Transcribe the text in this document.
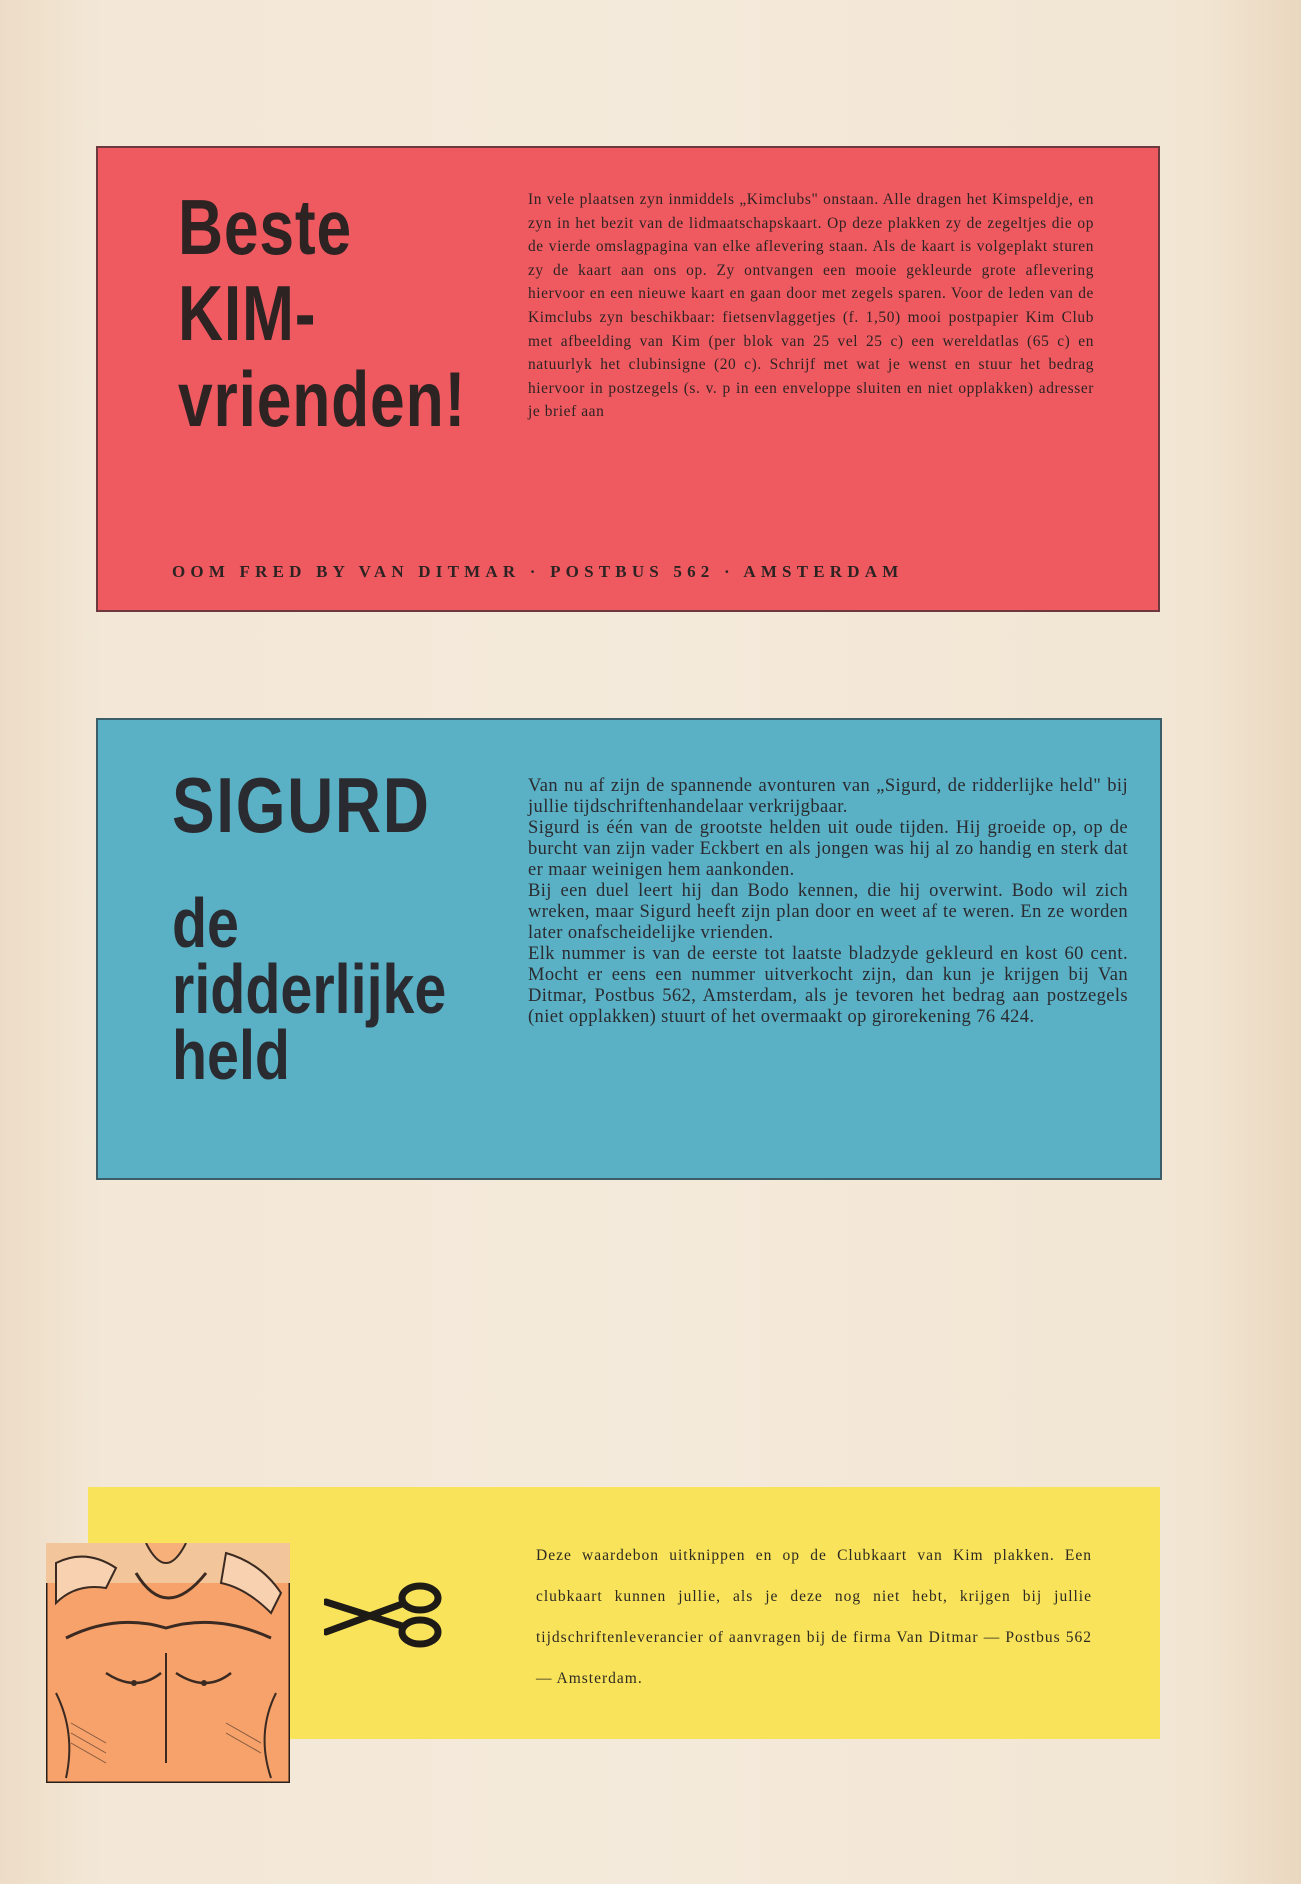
Beste
KIM-
vrienden!
In vele plaatsen zyn inmiddels „Kimclubs" onstaan. Alle dragen het Kimspeldje, en zyn in het bezit van de lidmaatschapskaart. Op deze plakken zy de zegeltjes die op de vierde omslagpagina van elke aflevering staan. Als de kaart is volgeplakt sturen zy de kaart aan ons op. Zy ontvangen een mooie gekleurde grote aflevering hiervoor en een nieuwe kaart en gaan door met zegels sparen. Voor de leden van de Kimclubs zyn beschikbaar: fietsenvlaggetjes (f. 1,50) mooi postpapier Kim Club met afbeelding van Kim (per blok van 25 vel 25 c) een wereldatlas (65 c) en natuurlyk het clubinsigne (20 c). Schrijf met wat je wenst en stuur het bedrag hiervoor in postzegels (s. v. p in een enveloppe sluiten en niet opplakken) adresser je brief aan
OOM FRED BY VAN DITMAR · POSTBUS 562 · AMSTERDAM
SIGURD
de
ridderlijke
held

Van nu af zijn de spannende avonturen van „Sigurd, de ridderlijke held" bij jullie tijdschriftenhandelaar verkrijgbaar.

Sigurd is één van de grootste helden uit oude tijden. Hij groeide op, op de burcht van zijn vader Eckbert en als jongen was hij al zo handig en sterk dat er maar weinigen hem aankonden.

Bij een duel leert hij dan Bodo kennen, die hij overwint. Bodo wil zich wreken, maar Sigurd heeft zijn plan door en weet af te weren. En ze worden later onafscheidelijke vrienden.

Elk nummer is van de eerste tot laatste bladzyde gekleurd en kost 60 cent. Mocht er eens een nummer uitverkocht zijn, dan kun je krijgen bij Van Ditmar, Postbus 562, Amsterdam, als je tevoren het bedrag aan postzegels (niet opplakken) stuurt of het overmaakt op girorekening 76 424.

Deze waardebon uitknippen en op de Clubkaart van Kim plakken. Een clubkaart kunnen jullie, als je deze nog niet hebt, krijgen bij jullie tijdschriftenleverancier of aanvragen bij de firma Van Ditmar — Postbus 562 — Amsterdam.
